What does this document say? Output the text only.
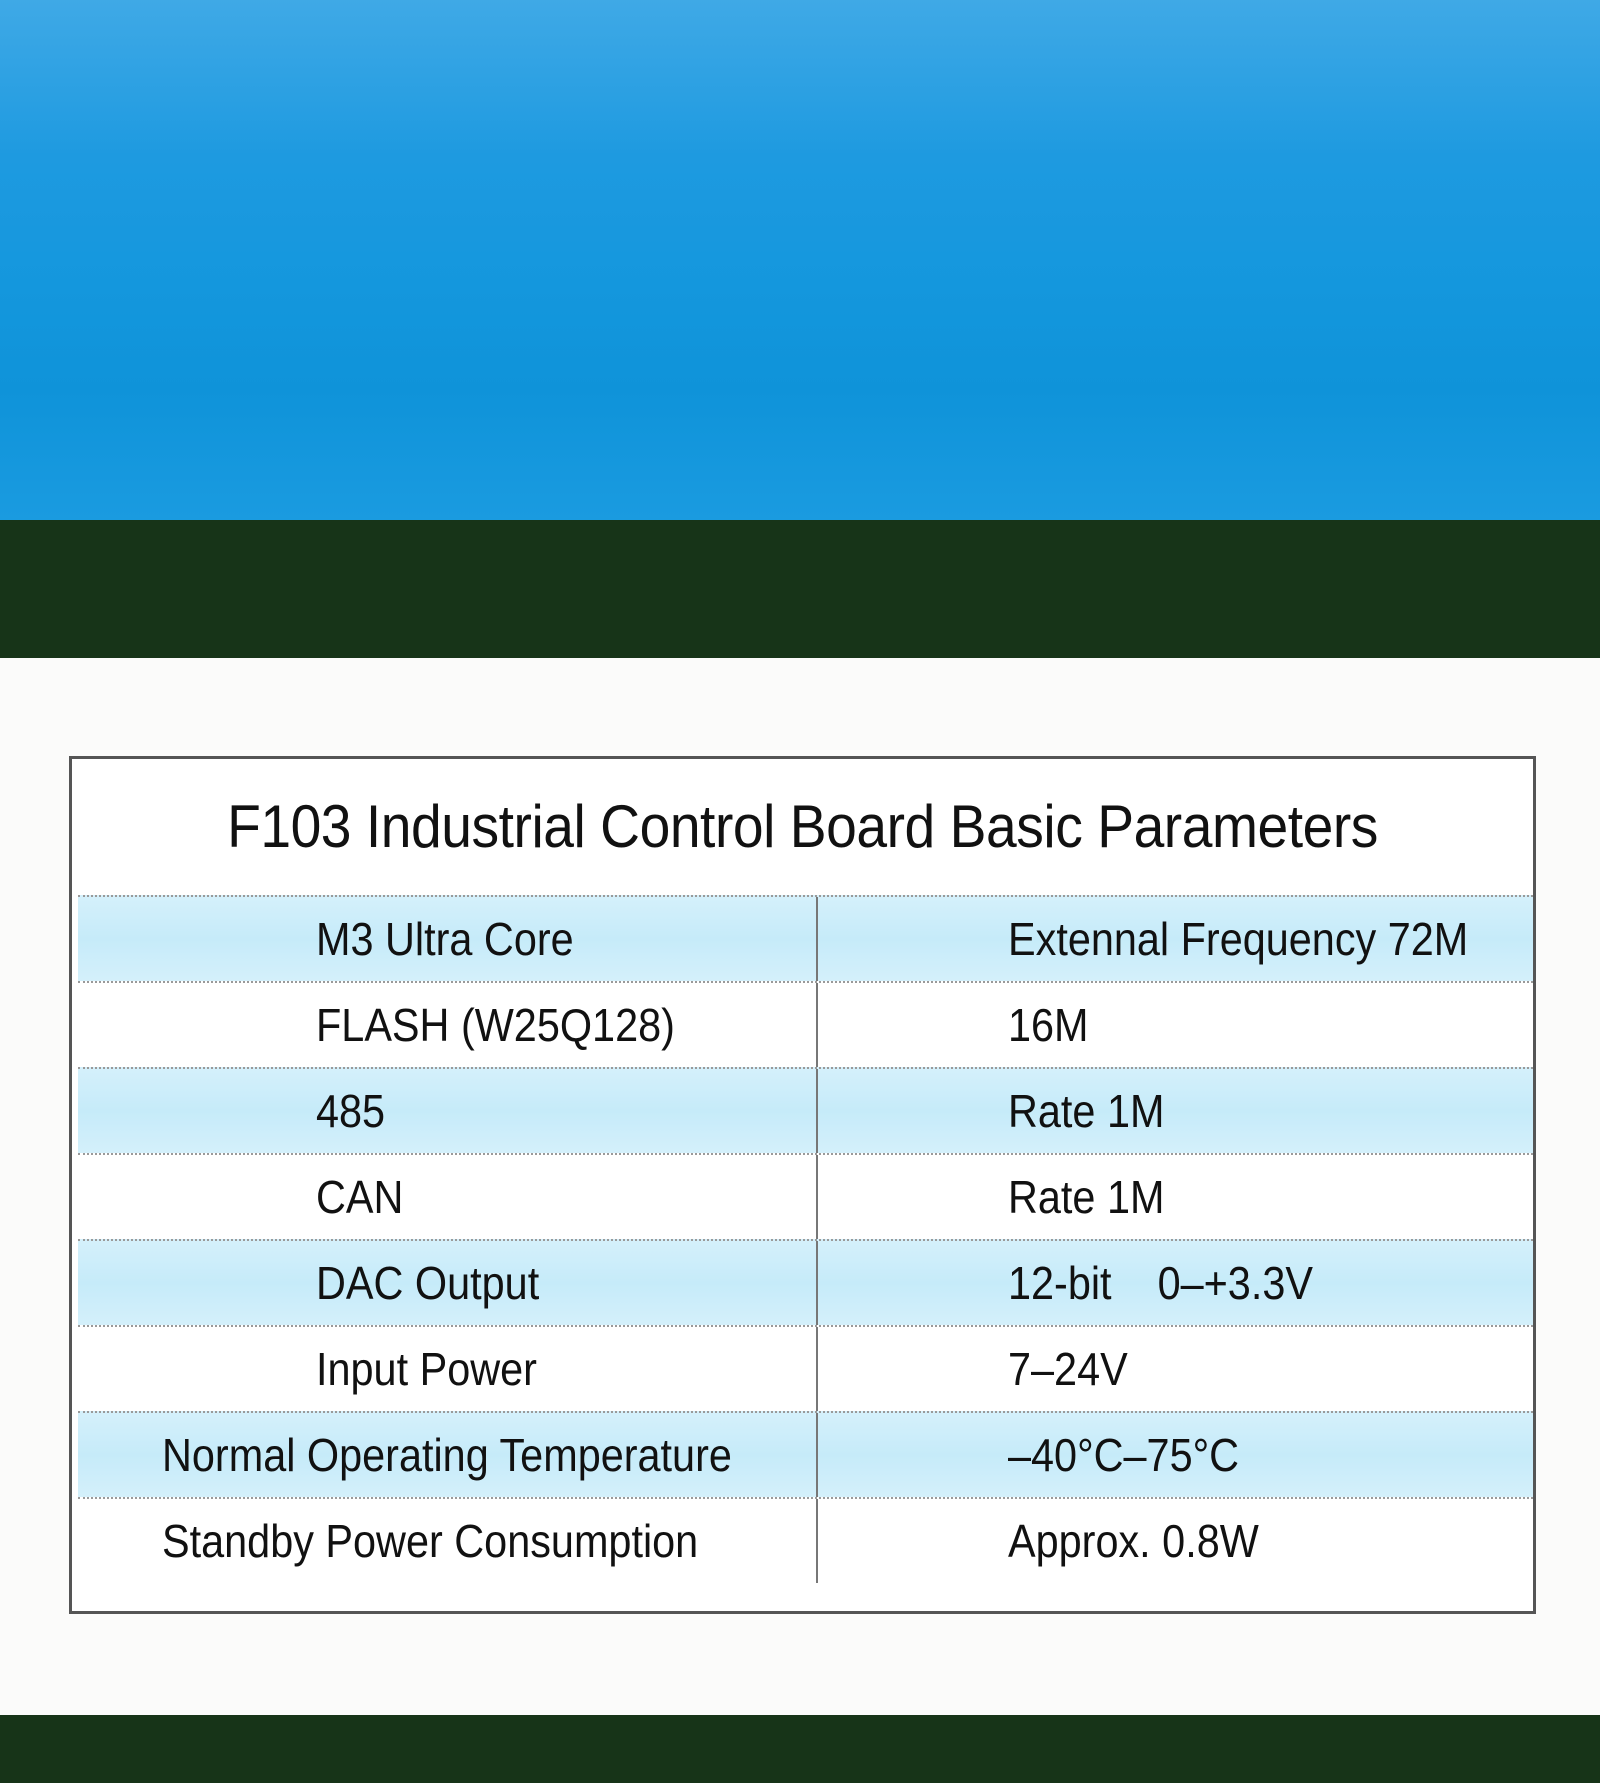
F103 Industrial Control Board Basic Parameters
M3 Ultra Core	Extennal Frequency 72M
FLASH (W25Q128)	16M
485	Rate 1M
CAN	Rate 1M
DAC Output	12-bit    0–+3.3V
Input Power	7–24V
Normal Operating Temperature	–40°C–75°C
Standby Power Consumption	Approx. 0.8W
